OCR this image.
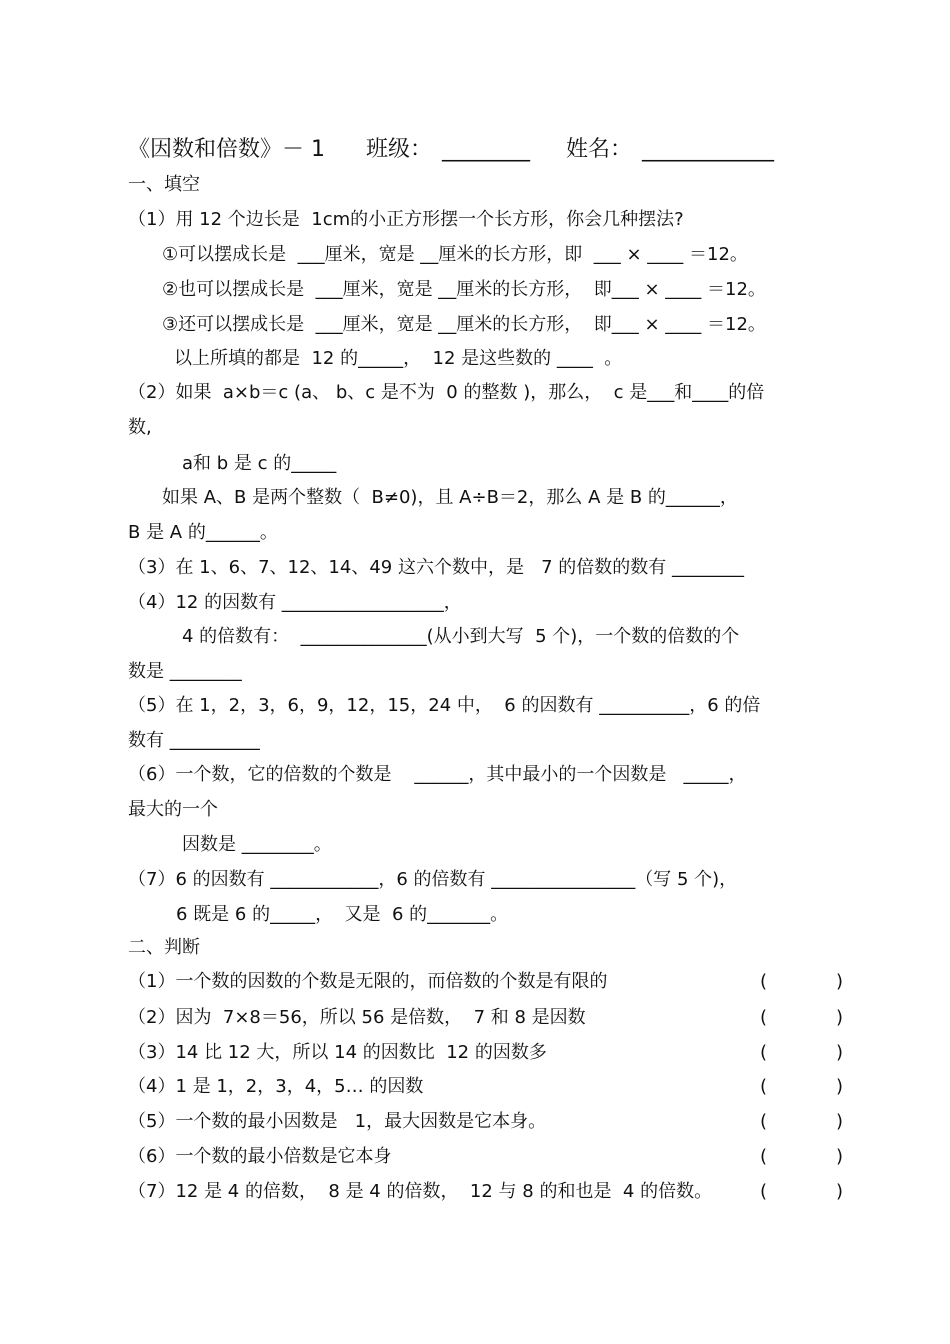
《因数和倍数》－ 1 班级： ________ 姓名： ____________
一、填空
（1）用 12 个边长是  1cm的小正方形摆一个长方形，你会几种摆法?
①可以摆成长是  ___厘米，宽是 __厘米的长方形，即  ___ × ____ ＝12。
②也可以摆成长是  ___厘米，宽是 __厘米的长方形，  即___ × ____ ＝12。
③还可以摆成长是  ___厘米，宽是 __厘米的长方形，  即___ × ____ ＝12。
以上所填的都是  12 的_____，  12 是这些数的 ____  。
（2）如果  a×b＝c (a、 b、c 是不为  0 的整数 )，那么，  c 是___和____的倍
数,
a和 b 是 c 的_____
如果 A、B 是两个整数（  B≠0)，且 A÷B＝2，那么 A 是 B 的______，
B 是 A 的______。
（3）在 1、6、7、12、14、49 这六个数中，是   7 的倍数的数有 ________
（4）12 的因数有 __________________，
4 的倍数有：  ______________(从小到大写  5 个)，一个数的倍数的个
数是 ________
（5）在 1，2，3，6，9，12，15，24 中，  6 的因数有 __________，6 的倍
数有 __________
（6）一个数，它的倍数的个数是    ______，其中最小的一个因数是   _____，
最大的一个
因数是 ________。
（7）6 的因数有 ____________，6 的倍数有 ________________（写 5 个)，
6 既是 6 的_____，  又是  6 的_______。
二、判断
（1）一个数的因数的个数是无限的，而倍数的个数是有限的	(	)
（2）因为  7×8＝56，所以 56 是倍数，  7 和 8 是因数	(	)
（3）14 比 12 大，所以 14 的因数比  12 的因数多	(	)
（4）1 是 1，2，3，4，5… 的因数	(	)
（5）一个数的最小因数是   1，最大因数是它本身。	(	)
（6）一个数的最小倍数是它本身	(	)
（7）12 是 4 的倍数，  8 是 4 的倍数，  12 与 8 的和也是  4 的倍数。	(	)
